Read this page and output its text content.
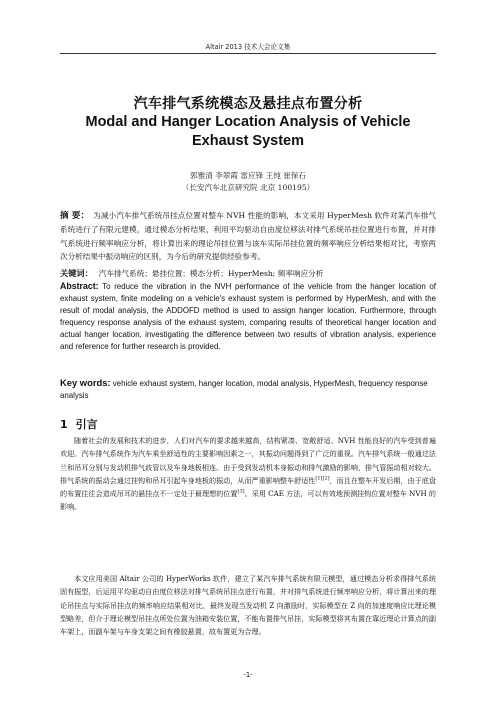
Altair 2013 技术大会论文集
汽车排气系统模态及悬挂点布置分析
Modal and Hanger Location Analysis of Vehicle
Exhaust System
郭雅清 李翠霞 雷应锋 王纯 崔保石
（长安汽车北京研究院 北京 100195）
摘 要： 为减小汽车排气系统吊挂点位置对整车 NVH 性能的影响，本文采用 HyperMesh 软件对某汽车排气系统进行了有限元建模，通过模态分析结果，利用平均驱动自由度位移法对排气系统吊挂位置进行布置，并对排气系统进行频率响应分析，将计算出来的理论吊挂位置与该车实际吊挂位置的频率响应分析结果相对比，考察两次分析结果中振动响应的区别，为今后的研究提供经验参考。
关键词： 汽车排气系统；悬挂位置；模态分析；HyperMesh; 频率响应分析
Abstract: To reduce the vibration in the NVH performance of the vehicle from the hanger location of exhaust system, finite modeling on a vehicle's exhaust system is performed by HyperMesh, and with the result of modal analysis, the ADDOFD method is used to assign hanger location. Furthermore, through frequency response analysis of the exhaust system, comparing results of theoretical hanger location and actual hanger location, investigating the difference between two results of vibration analysis, experience and reference for further research is provided.
Key words: vehicle exhaust system, hanger location, modal analysis, HyperMesh, frequency response analysis
1 引言
随着社会的发展和技术的进步，人们对汽车的要求越来越高，结构紧凑、宽敞舒适、NVH 性能良好的汽车受到普遍欢迎。汽车排气系统作为汽车乘坐舒适性的主要影响因素之一，其振动问题得到了广泛的重视。汽车排气系统一般通过法兰和吊耳分别与发动机排气歧管以及车身地板相连。由于受到发动机本身振动和排气激励的影响，排气管振动相对较大。排气系统的振动会通过挂钩和吊耳引起车身地板的振动，从而严重影响整车舒适性[1][2]，而且在整车开发后期，由于底盘的布置往往会造成吊耳的悬挂点不一定处于最理想的位置[3]。采用 CAE 方法，可以有效地预测挂钩位置对整车 NVH 的影响。
本文应用美国 Altair 公司的 HyperWorks 软件，建立了某汽车排气系统有限元模型，通过模态分析求得排气系统固有振型，后运用平均驱动自由度位移法对排气系统吊挂点进行布置，并对排气系统进行频率响应分析，将计算出来的理论吊挂点与实际吊挂点的频率响应结果相对比，最终发现当发动机 Z 向激励时，实际模型在 Z 向的加速度响应比理论模型略差，但介于理论模型吊挂点所处位置为油箱安装位置，不能布置排气吊挂，实际模型将其布置在靠近理论计算点的副车架上，而副车架与车身支架之间有橡胶悬置，故布置更为合理。
-1-
